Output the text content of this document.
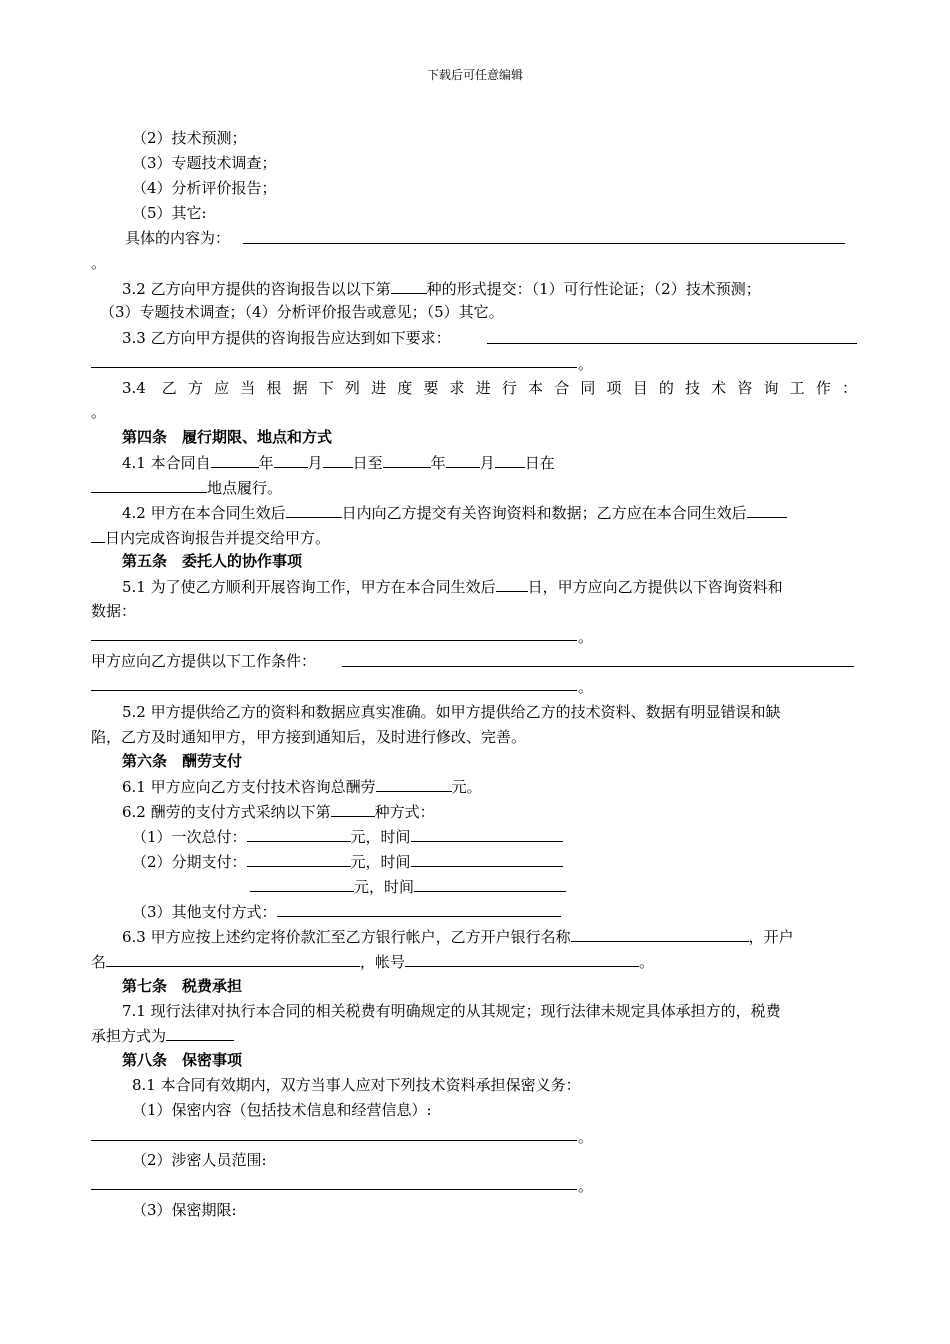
下载后可任意编辑
（2）技术预测；
（3）专题技术调查；
（4）分析评价报告；
（5）其它:
具体的内容为：
。
3.2 乙方向甲方提供的咨询报告以以下第 种的形式提交：（1）可行性论证；（2）技术预测；
（3）专题技术调查；（4）分析评价报告或意见；（5）其它。
3.3 乙方向甲方提供的咨询报告应达到如下要求：
。
3.4 乙方应当根据下列进度要求进行本合同项目的技术咨询工作：
。
第四条　履行期限、地点和方式
4.1 本合同自	年 月 日至	年 月 日在
地点履行。
4.2 甲方在本合同生效后	日内向乙方提交有关咨询资料和数据；乙方应在本合同生效后
日内完成咨询报告并提交给甲方。
第五条　委托人的协作事项
5.1 为了使乙方顺利开展咨询工作，甲方在本合同生效后 日，甲方应向乙方提供以下咨询资料和
数据：
。
甲方应向乙方提供以下工作条件：
。
5.2 甲方提供给乙方的资料和数据应真实准确。如甲方提供给乙方的技术资料、数据有明显错误和缺
陷，乙方及时通知甲方，甲方接到通知后，及时进行修改、完善。
第六条　酬劳支付
6.1 甲方应向乙方支付技术咨询总酬劳	元。
6.2 酬劳的支付方式采纳以下第	种方式：
（1）一次总付：	元，时间
（2）分期支付：	元，时间
元，时间
（3）其他支付方式：
6.3 甲方应按上述约定将价款汇至乙方银行帐户，乙方开户银行名称	，开户
名	，帐号	。
第七条　税费承担
7.1 现行法律对执行本合同的相关税费有明确规定的从其规定；现行法律未规定具体承担方的，税费
承担方式为
第八条　保密事项
8.1 本合同有效期内，双方当事人应对下列技术资料承担保密义务：
（1）保密内容（包括技术信息和经营信息）:
。
（2）涉密人员范围:
。
（3）保密期限:
